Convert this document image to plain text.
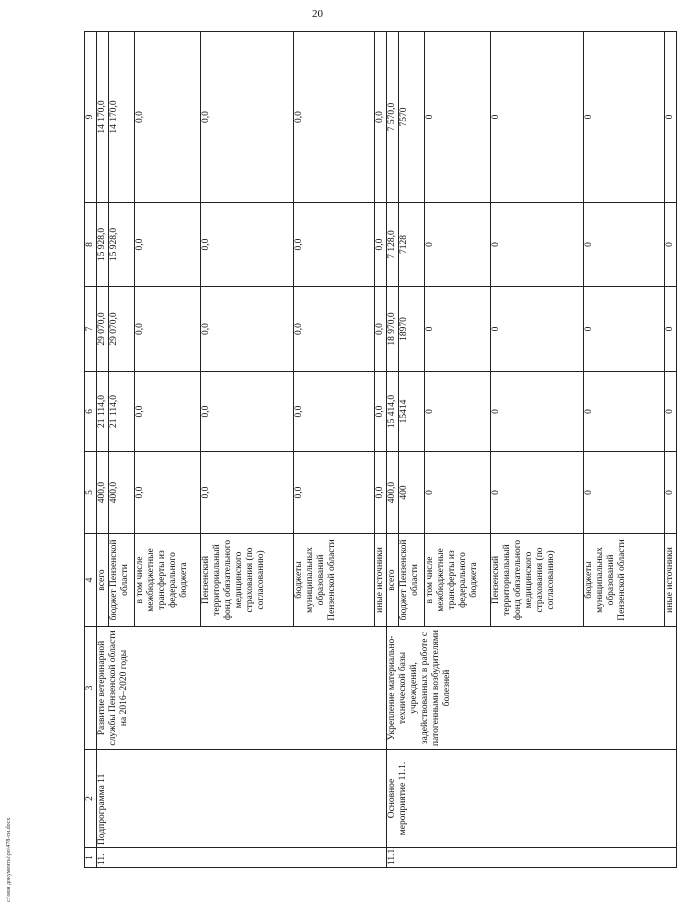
20
1	2	3	4	5	6	7	8	9
11.	Подпрограмма 11	Развитие ветеринарной службы Пензенской области на 2016–2020 годы	всего	400,0	21 114,0	29 070,0	15 928,0	14 170,0
			бюджет Пензенской области	400,0	21 114,0	29 070,0	15 928,0	14 170,0
			в том числе межбюджетные трансферты из федерального бюджета	0,0	0,0	0,0	0,0	0,0
			Пензенский территориальный фонд обязательного медицинского страхования (по согласованию)	0,0	0,0	0,0	0,0	0,0
			бюджеты муниципальных образований Пензенской области	0,0	0,0	0,0	0,0	0,0
			иные источники	0,0	0,0	0,0	0,0	0,0
11.1.	Основное мероприятие 11.1.	Укрепление материально-технической базы учреждений, задействованных в работе с патогенными возбудителями болезней	всего	400,0	15 414,0	18 970,0	7 128,0	7 570,0
			бюджет Пензенской области	400	15414	18970	7128	7570
			в том числе межбюджетные трансферты из федерального бюджета	0	0	0	0	0
			Пензенский территориальный фонд обязательного медицинского страхования (по согласованию)	0	0	0	0	0
			бюджеты муниципальных образований Пензенской области	0	0	0	0	0
			иные источники	0	0	0	0	0
c:\моя документы\ро\478-ги.docx
